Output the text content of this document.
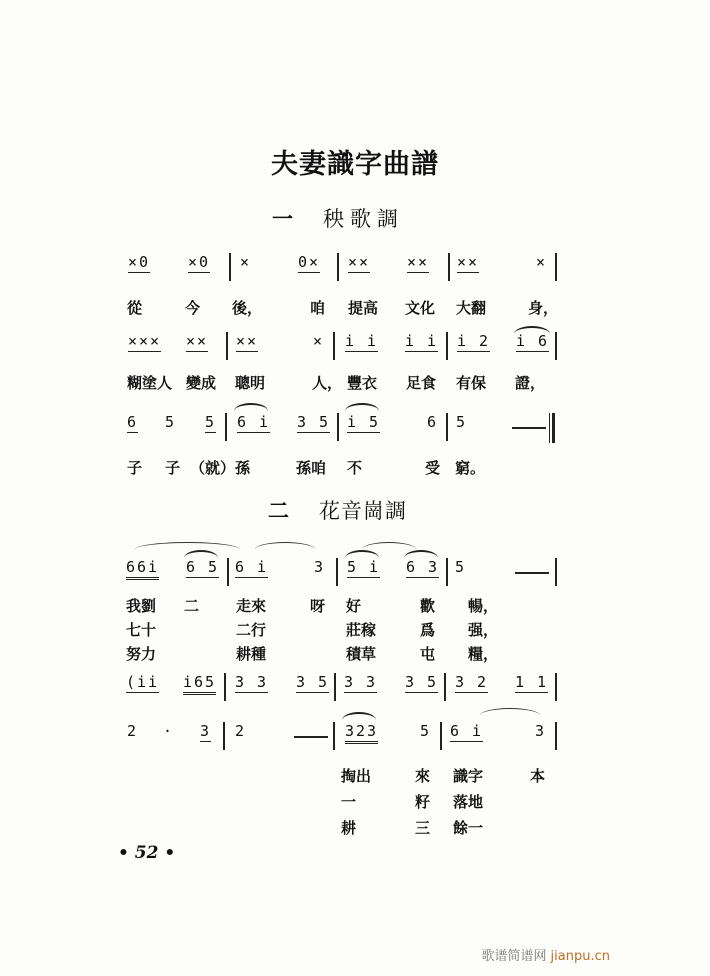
夫妻識字曲譜
一 秧歌調
×0	×0 ×	0× ×× ×× ××	×
從	今 後，	咱 提高 文化 大翻	身，
××× ×× ××	× i i i i i 2 i 6
糊塗人 變成 聰明	人， 豐衣 足食 有保 證，
6 5 5 6 i 3 5 i 5	6 5
子 子 （就）孫	孫咱 不	受 窮。
二 花音崗調
66i 6 5 6 i	3 5 i 6 3 5
我劉 二 走來	呀 好	歡 暢，
七十	二行	莊稼	爲 强，
努力	耕種	積草	屯 糧，
(ii i65 3 3 3 5 3 3 3 5 3 2 1 1
2 · 3 2	323	5 6 i	3
掏出	來 識字	本
一	籽 落地
耕	三 餘一
• 52 •
歌谱简谱网 jianpu.cn
